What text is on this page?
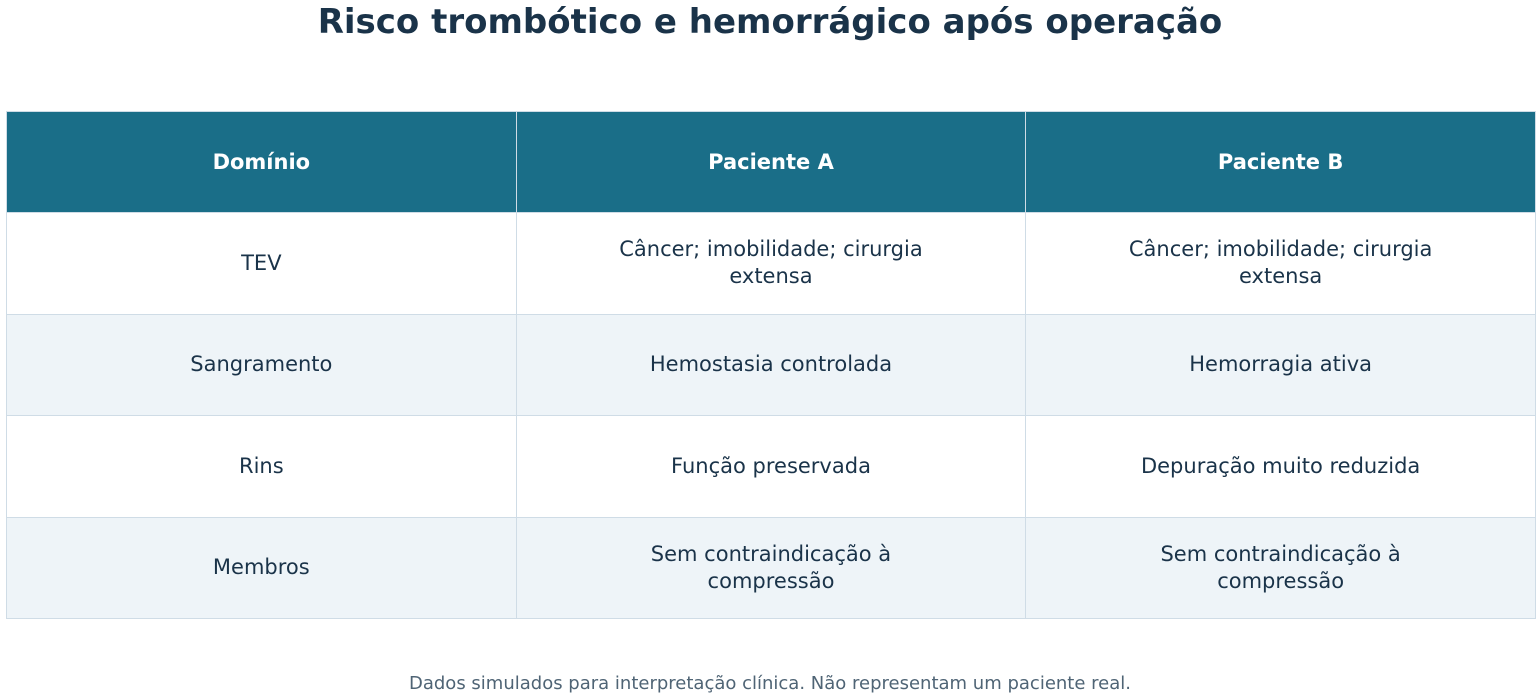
Risco trombótico e hemorrágico após operação
Domínio	Paciente A	Paciente B
TEV	Câncer; imobilidade; cirurgia extensa	Câncer; imobilidade; cirurgia extensa
Sangramento	Hemostasia controlada	Hemorragia ativa
Rins	Função preservada	Depuração muito reduzida
Membros	Sem contraindicação à compressão	Sem contraindicação à compressão
Dados simulados para interpretação clínica. Não representam um paciente real.
